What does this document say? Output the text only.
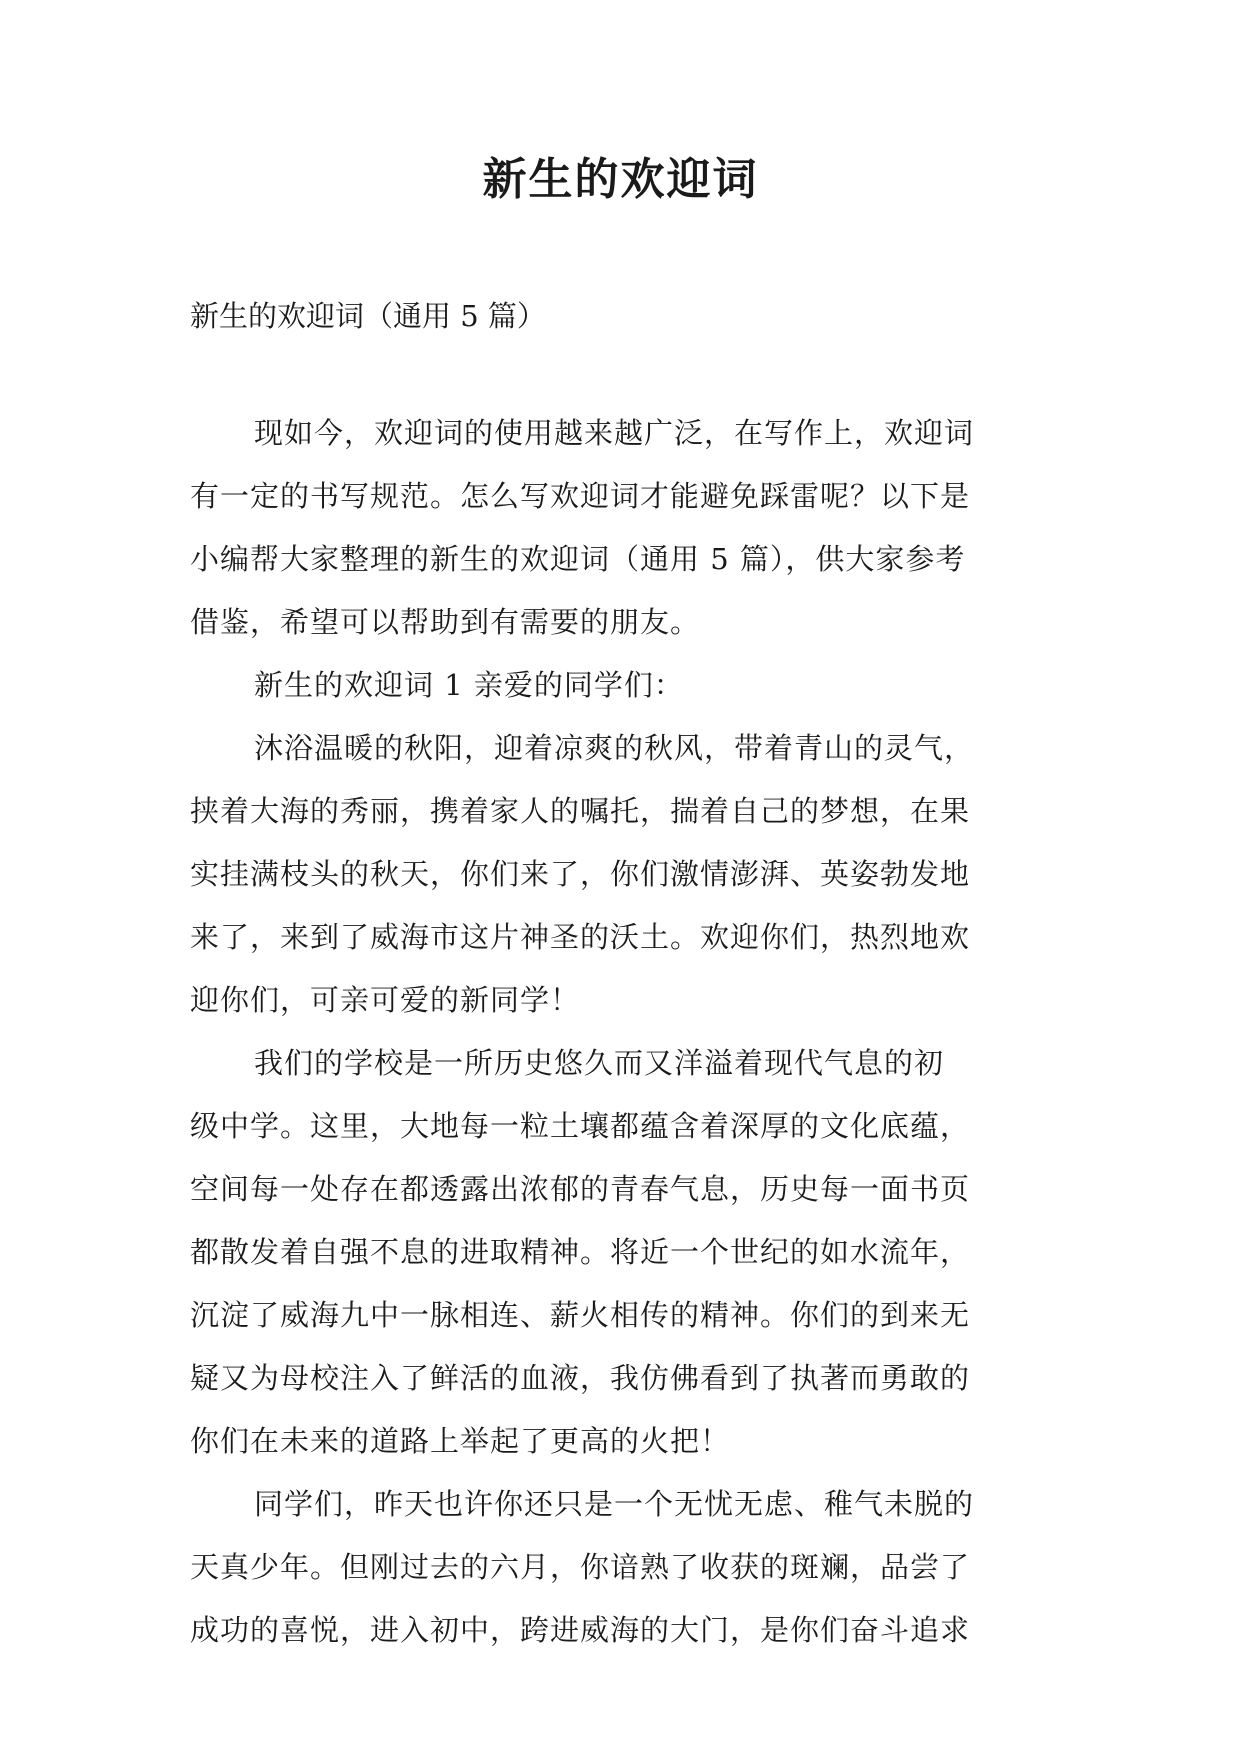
新生的欢迎词

新生的欢迎词（通用 5 篇）

现如今，欢迎词的使用越来越广泛，在写作上，欢迎词
有一定的书写规范。怎么写欢迎词才能避免踩雷呢？以下是
小编帮大家整理的新生的欢迎词（通用 5 篇），供大家参考
借鉴，希望可以帮助到有需要的朋友。
新生的欢迎词 1 亲爱的同学们：
沐浴温暖的秋阳，迎着凉爽的秋风，带着青山的灵气，
挟着大海的秀丽，携着家人的嘱托，揣着自己的梦想，在果
实挂满枝头的秋天，你们来了，你们激情澎湃、英姿勃发地
来了，来到了威海市这片神圣的沃土。欢迎你们，热烈地欢
迎你们，可亲可爱的新同学！
我们的学校是一所历史悠久而又洋溢着现代气息的初
级中学。这里，大地每一粒土壤都蕴含着深厚的文化底蕴，
空间每一处存在都透露出浓郁的青春气息，历史每一面书页
都散发着自强不息的进取精神。将近一个世纪的如水流年，
沉淀了威海九中一脉相连、薪火相传的精神。你们的到来无
疑又为母校注入了鲜活的血液，我仿佛看到了执著而勇敢的
你们在未来的道路上举起了更高的火把！
同学们，昨天也许你还只是一个无忧无虑、稚气未脱的
天真少年。但刚过去的六月，你谙熟了收获的斑斓，品尝了
成功的喜悦，进入初中，跨进威海的大门，是你们奋斗追求
